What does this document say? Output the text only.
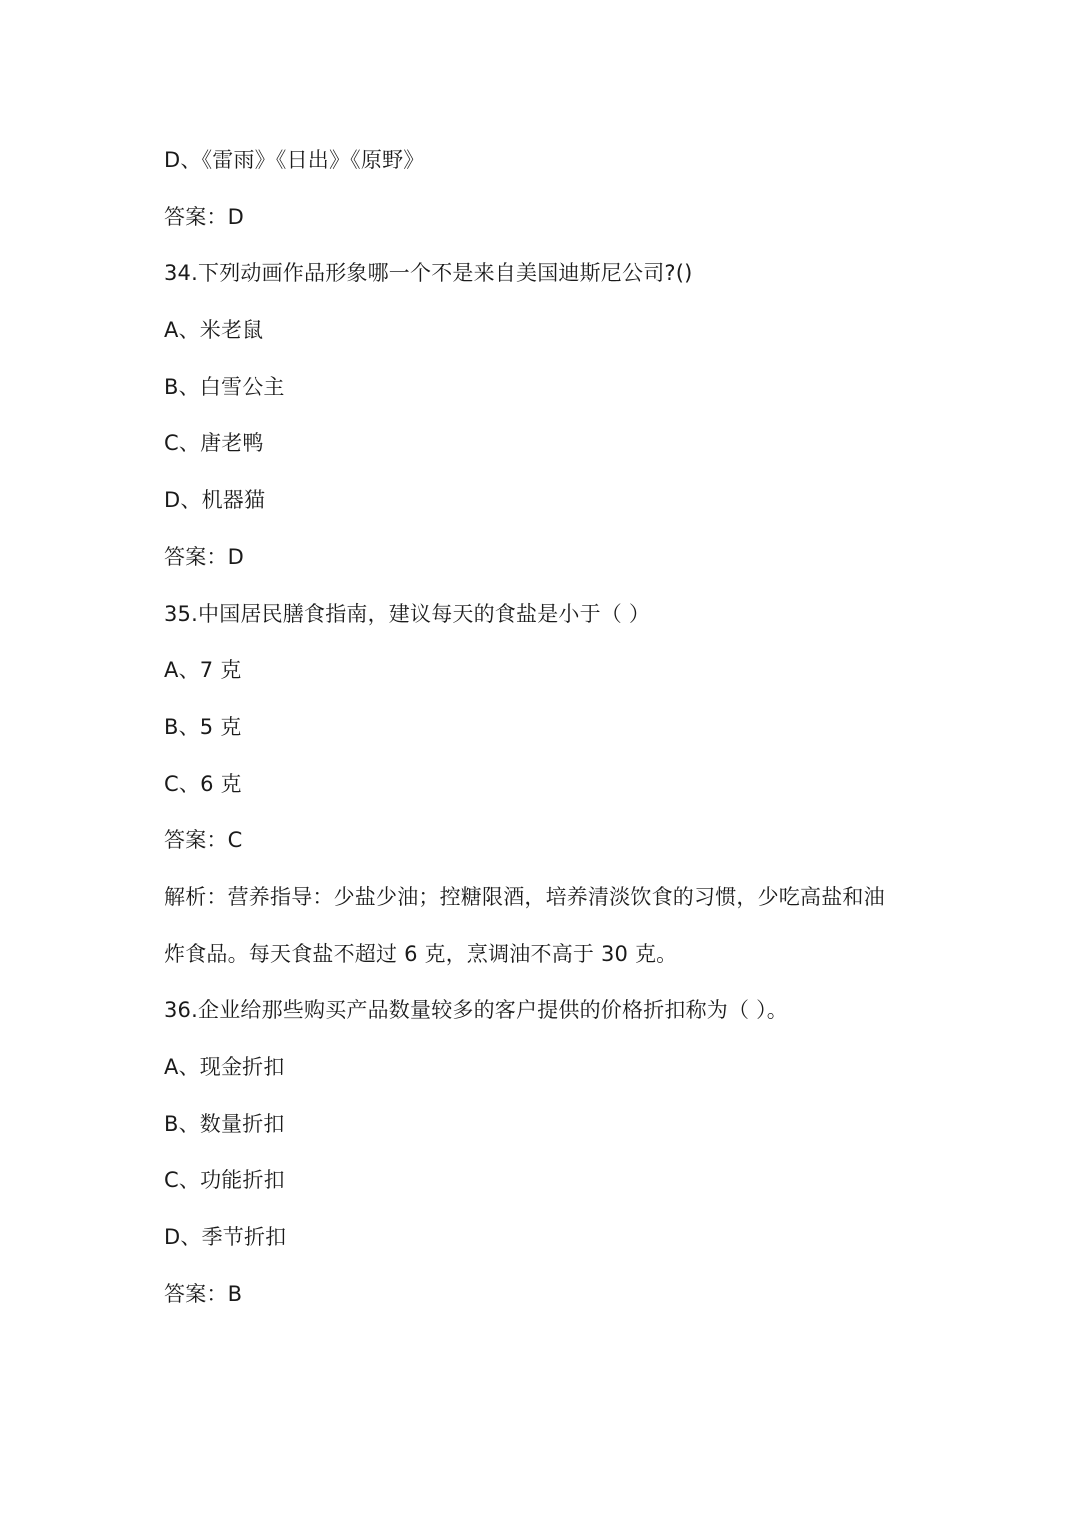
D、《雷雨》《日出》《原野》
答案：D
34.下列动画作品形象哪一个不是来自美国迪斯尼公司?()
A、米老鼠
B、白雪公主
C、唐老鸭
D、机器猫
答案：D
35.中国居民膳食指南，建议每天的食盐是小于（ ）
A、7 克
B、5 克
C、6 克
答案：C
解析：营养指导：少盐少油；控糖限酒，培养清淡饮食的习惯，少吃高盐和油
炸食品。每天食盐不超过 6 克，烹调油不高于 30 克。
36.企业给那些购买产品数量较多的客户提供的价格折扣称为（ ）。
A、现金折扣
B、数量折扣
C、功能折扣
D、季节折扣
答案：B
